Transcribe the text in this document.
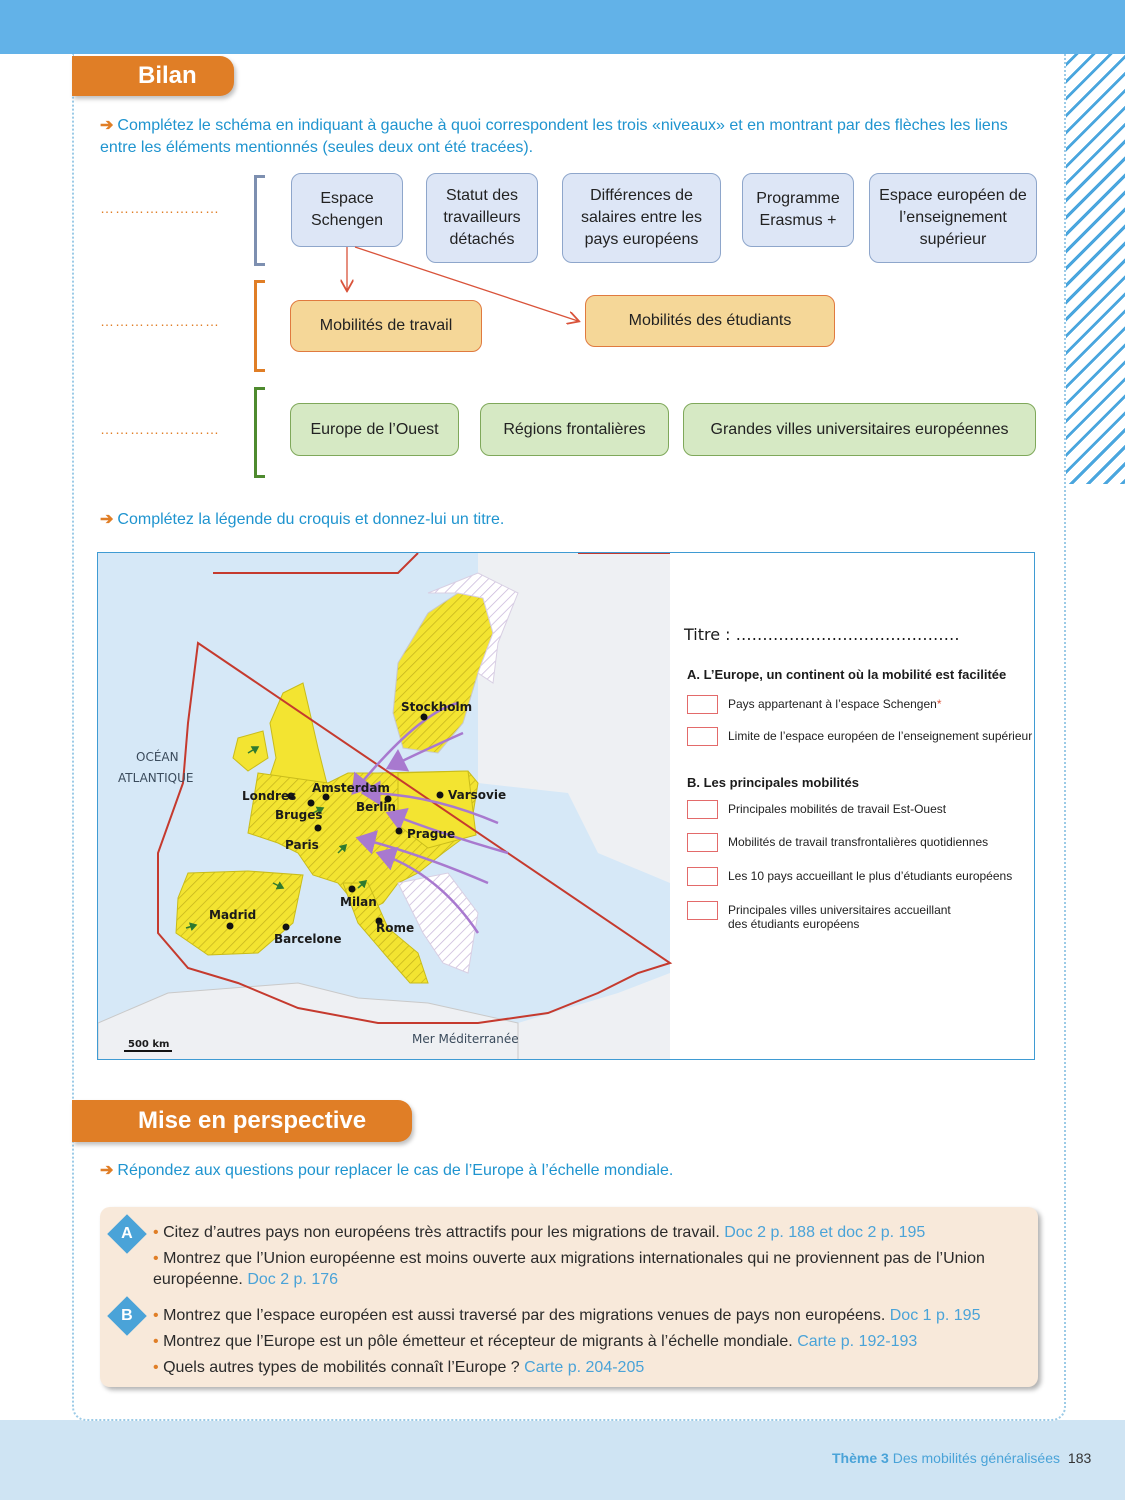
Bilan
➔ Complétez le schéma en indiquant à gauche à quoi correspondent les trois «niveaux» et en montrant par des flèches les liens entre les éléments mentionnés (seules deux ont été tracées).
……………………
……………………
……………………
Espace Schengen
Statut des travailleurs détachés
Différences de salaires entre les pays européens
Programme Erasmus +
Espace européen de l’enseignement supérieur
Mobilités de travail	Mobilités des étudiants
Europe de l’Ouest	Régions frontalières	Grandes villes universitaires européennes
➔ Complétez la légende du croquis et donnez-lui un titre.
Stockholm
Londres
Amsterdam
Berlin
Varsovie
Bruges
Paris
Prague
Madrid
Milan
Barcelone
Rome
OCÉAN
ATLANTIQUE
Mer Méditerranée
500 km
Titre : ……………………………………
A. L’Europe, un continent où la mobilité est facilitée
Pays appartenant à l’espace Schengen *
Limite de l’espace européen de l’enseignement supérieur
B. Les principales mobilités
Principales mobilités de travail Est-Ouest
Mobilités de travail transfrontalières quotidiennes
Les 10 pays accueillant le plus d’étudiants européens
Principales villes universitaires accueillant des étudiants européens
Mise en perspective
➔ Répondez aux questions pour replacer le cas de l’Europe à l’échelle mondiale.
A
B
• Citez d’autres pays non européens très attractifs pour les migrations de travail. Doc 2 p. 188 et doc 2 p. 195
• Montrez que l’Union européenne est moins ouverte aux migrations internationales qui ne proviennent pas de l’Union européenne. Doc 2 p. 176
• Montrez que l’espace européen est aussi traversé par des migrations venues de pays non européens. Doc 1 p. 195
• Montrez que l’Europe est un pôle émetteur et récepteur de migrants à l’échelle mondiale. Carte p. 192-193
• Quels autres types de mobilités connaît l’Europe ? Carte p. 204-205
Thème 3 Des mobilités généralisées 183
